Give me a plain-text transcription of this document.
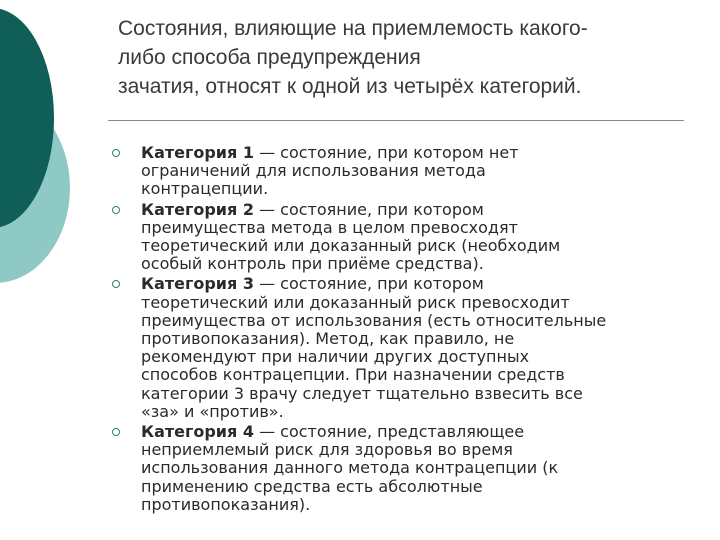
Состояния, влияющие на приемлемость какого-
либо способа предупреждения
зачатия, относят к одной из четырёх категорий.
Категория 1 — состояние, при котором нет
ограничений для использования метода
контрацепции.
Категория 2 — состояние, при котором
преимущества метода в целом превосходят
теоретический или доказанный риск (необходим
особый контроль при приёме средства).
Категория 3 — состояние, при котором
теоретический или доказанный риск превосходит
преимущества от использования (есть относительные
противопоказания). Метод, как правило, не
рекомендуют при наличии других доступных
способов контрацепции. При назначении средств
категории 3 врачу следует тщательно взвесить все
«за» и «против».
Категория 4 — состояние, представляющее
неприемлемый риск для здоровья во время
использования данного метода контрацепции (к
применению средства есть абсолютные
противопоказания).
